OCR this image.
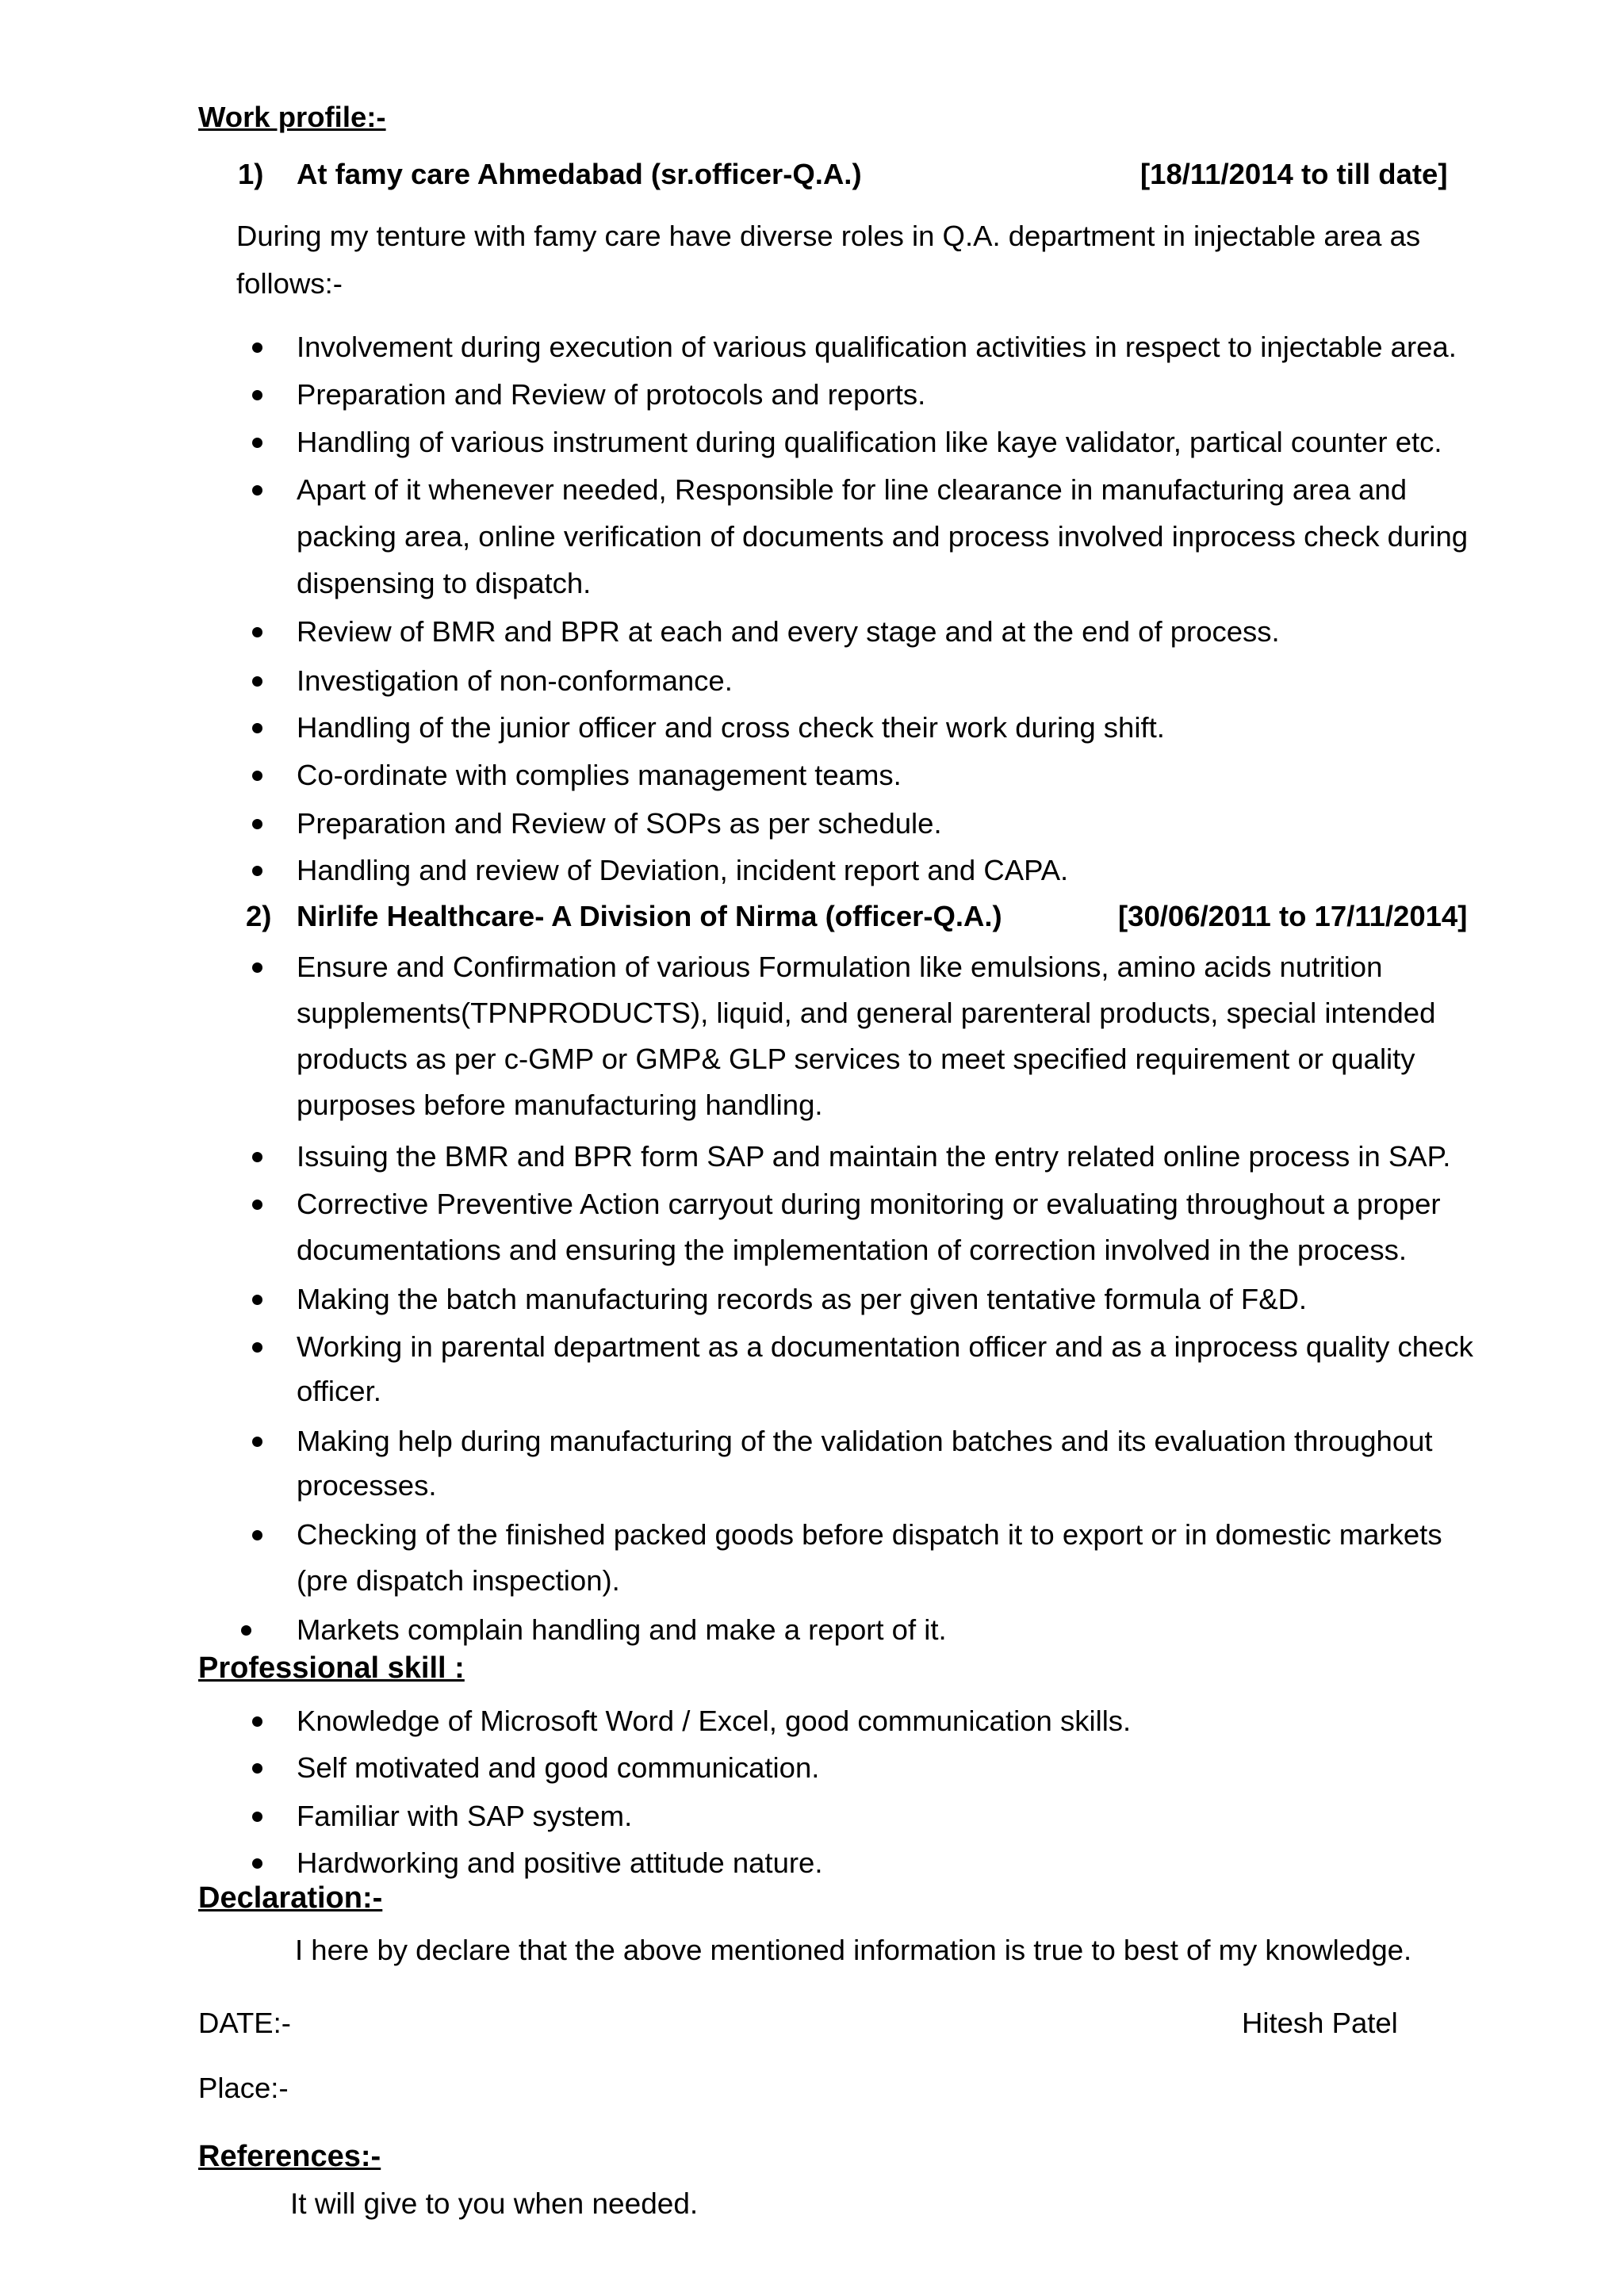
Work profile:-
1) At famy care Ahmedabad (sr.officer-Q.A.)	[18/11/2014 to till date]
During my tenture with famy care have diverse roles in Q.A. department in injectable area as
follows:-
Involvement during execution of various qualification activities in respect to injectable area.
Preparation and Review of protocols and reports.
Handling of various instrument during qualification like kaye validator, partical counter etc.
Apart of it whenever needed, Responsible for line clearance in manufacturing area and
packing area, online verification of documents and process involved inprocess check during
dispensing to dispatch.
Review of BMR and BPR at each and every stage and at the end of process.
Investigation of non-conformance.
Handling of the junior officer and cross check their work during shift.
Co-ordinate with complies management teams.
Preparation and Review of SOPs as per schedule.
Handling and review of Deviation, incident report and CAPA.
2) Nirlife Healthcare- A Division of Nirma (officer-Q.A.)	[30/06/2011 to 17/11/2014]
Ensure and Confirmation of various Formulation like emulsions, amino acids nutrition
supplements(TPNPRODUCTS), liquid, and general parenteral products, special intended
products as per c-GMP or GMP& GLP services to meet specified requirement or quality
purposes before manufacturing handling.
Issuing the BMR and BPR form SAP and maintain the entry related online process in SAP.
Corrective Preventive Action carryout during monitoring or evaluating throughout a proper
documentations and ensuring the implementation of correction involved in the process.
Making the batch manufacturing records as per given tentative formula of F&D.
Working in parental department as a documentation officer and as a inprocess quality check
officer.
Making help during manufacturing of the validation batches and its evaluation throughout
processes.
Checking of the finished packed goods before dispatch it to export or in domestic markets
(pre dispatch inspection).
Markets complain handling and make a report of it.
Professional skill :
Knowledge of Microsoft Word / Excel, good communication skills.
Self motivated and good communication.
Familiar with SAP system.
Hardworking and positive attitude nature.
Declaration:-
I here by declare that the above mentioned information is true to best of my knowledge.
DATE:-	Hitesh Patel
Place:-
References:-
It will give to you when needed.
